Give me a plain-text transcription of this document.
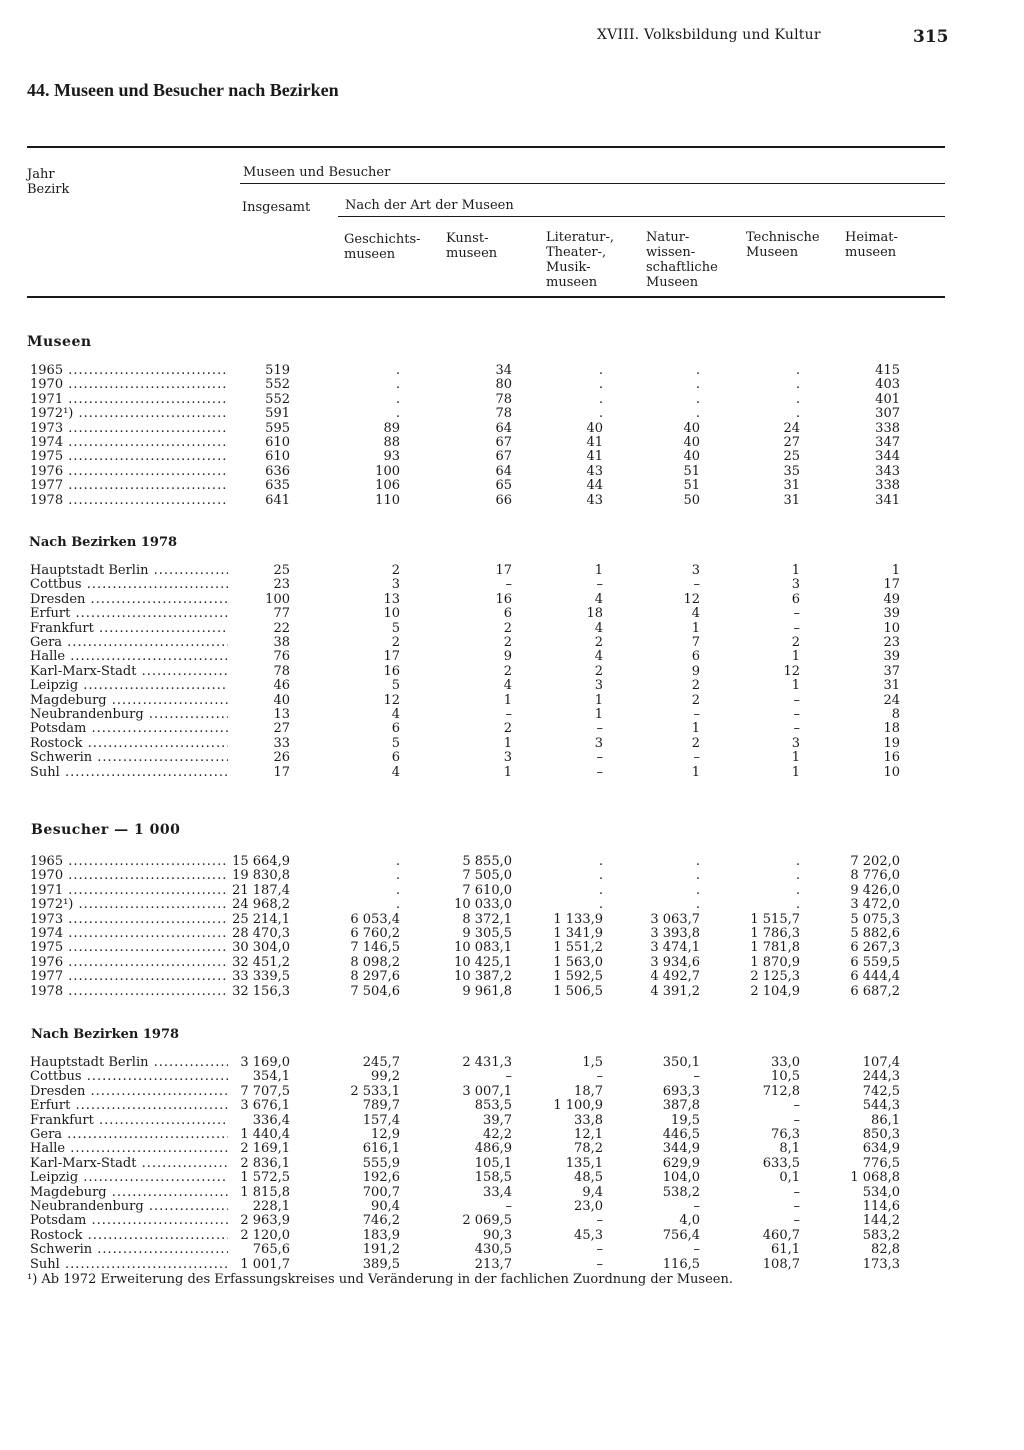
XVIII. Volksbildung und Kultur	315
44. Museen und Besucher nach Bezirken
Jahr
Bezirk
Museen und Besucher
Insgesamt	Nach der Art der Museen
Geschichts-
museen
Kunst-
museen
Literatur-,
Theater-,
Musik-
museen
Natur-
wissen-
schaftliche
Museen
Technische
Museen
Heimat-
museen
Museen
Nach Bezirken 1978
Besucher — 1 000
Nach Bezirken 1978
1965 .....	519	.	34	.	.	.	415
1970 .....	552	.	80	.	.	.	403
1971 .....	552	.	78	.	.	.	401
1972¹) .....	591	.	78	.	.	.	307
1973 .....	595	89	64	40	40	24	338
1974 .....	610	88	67	41	40	27	347
1975 .....	610	93	67	41	40	25	344
1976 .....	636	100	64	43	51	35	343
1977 .....	635	106	65	44	51	31	338
1978 .....	641	110	66	43	50	31	341
Hauptstadt Berlin .....	25	2	17	1	3	1	1
Cottbus .....	23	3	–	–	–	3	17
Dresden .....	100	13	16	4	12	6	49
Erfurt .....	77	10	6	18	4	–	39
Frankfurt .....	22	5	2	4	1	–	10
Gera .....	38	2	2	2	7	2	23
Halle .....	76	17	9	4	6	1	39
Karl-Marx-Stadt .....	78	16	2	2	9	12	37
Leipzig .....	46	5	4	3	2	1	31
Magdeburg .....	40	12	1	1	2	–	24
Neubrandenburg .....	13	4	–	1	–	–	8
Potsdam .....	27	6	2	–	1	–	18
Rostock .....	33	5	1	3	2	3	19
Schwerin .....	26	6	3	–	–	1	16
Suhl .....	17	4	1	–	1	1	10
1965 .....	15 664,9	.	5 855,0	.	.	.	7 202,0
1970 .....	19 830,8	.	7 505,0	.	.	.	8 776,0
1971 .....	21 187,4	.	7 610,0	.	.	.	9 426,0
1972¹) .....	24 968,2	.	10 033,0	.	.	.	3 472,0
1973 .....	25 214,1	6 053,4	8 372,1	1 133,9	3 063,7	1 515,7	5 075,3
1974 .....	28 470,3	6 760,2	9 305,5	1 341,9	3 393,8	1 786,3	5 882,6
1975 .....	30 304,0	7 146,5	10 083,1	1 551,2	3 474,1	1 781,8	6 267,3
1976 .....	32 451,2	8 098,2	10 425,1	1 563,0	3 934,6	1 870,9	6 559,5
1977 .....	33 339,5	8 297,6	10 387,2	1 592,5	4 492,7	2 125,3	6 444,4
1978 .....	32 156,3	7 504,6	9 961,8	1 506,5	4 391,2	2 104,9	6 687,2
Hauptstadt Berlin .....	3 169,0	245,7	2 431,3	1,5	350,1	33,0	107,4
Cottbus .....	354,1	99,2	–	–	–	10,5	244,3
Dresden .....	7 707,5	2 533,1	3 007,1	18,7	693,3	712,8	742,5
Erfurt .....	3 676,1	789,7	853,5	1 100,9	387,8	–	544,3
Frankfurt .....	336,4	157,4	39,7	33,8	19,5	–	86,1
Gera .....	1 440,4	12,9	42,2	12,1	446,5	76,3	850,3
Halle .....	2 169,1	616,1	486,9	78,2	344,9	8,1	634,9
Karl-Marx-Stadt .....	2 836,1	555,9	105,1	135,1	629,9	633,5	776,5
Leipzig .....	1 572,5	192,6	158,5	48,5	104,0	0,1	1 068,8
Magdeburg .....	1 815,8	700,7	33,4	9,4	538,2	–	534,0
Neubrandenburg .....	228,1	90,4	–	23,0	–	–	114,6
Potsdam .....	2 963,9	746,2	2 069,5	–	4,0	–	144,2
Rostock .....	2 120,0	183,9	90,3	45,3	756,4	460,7	583,2
Schwerin .....	765,6	191,2	430,5	–	–	61,1	82,8
Suhl .....	1 001,7	389,5	213,7	–	116,5	108,7	173,3
¹) Ab 1972 Erweiterung des Erfassungskreises und Veränderung in der fachlichen Zuordnung der Museen.
